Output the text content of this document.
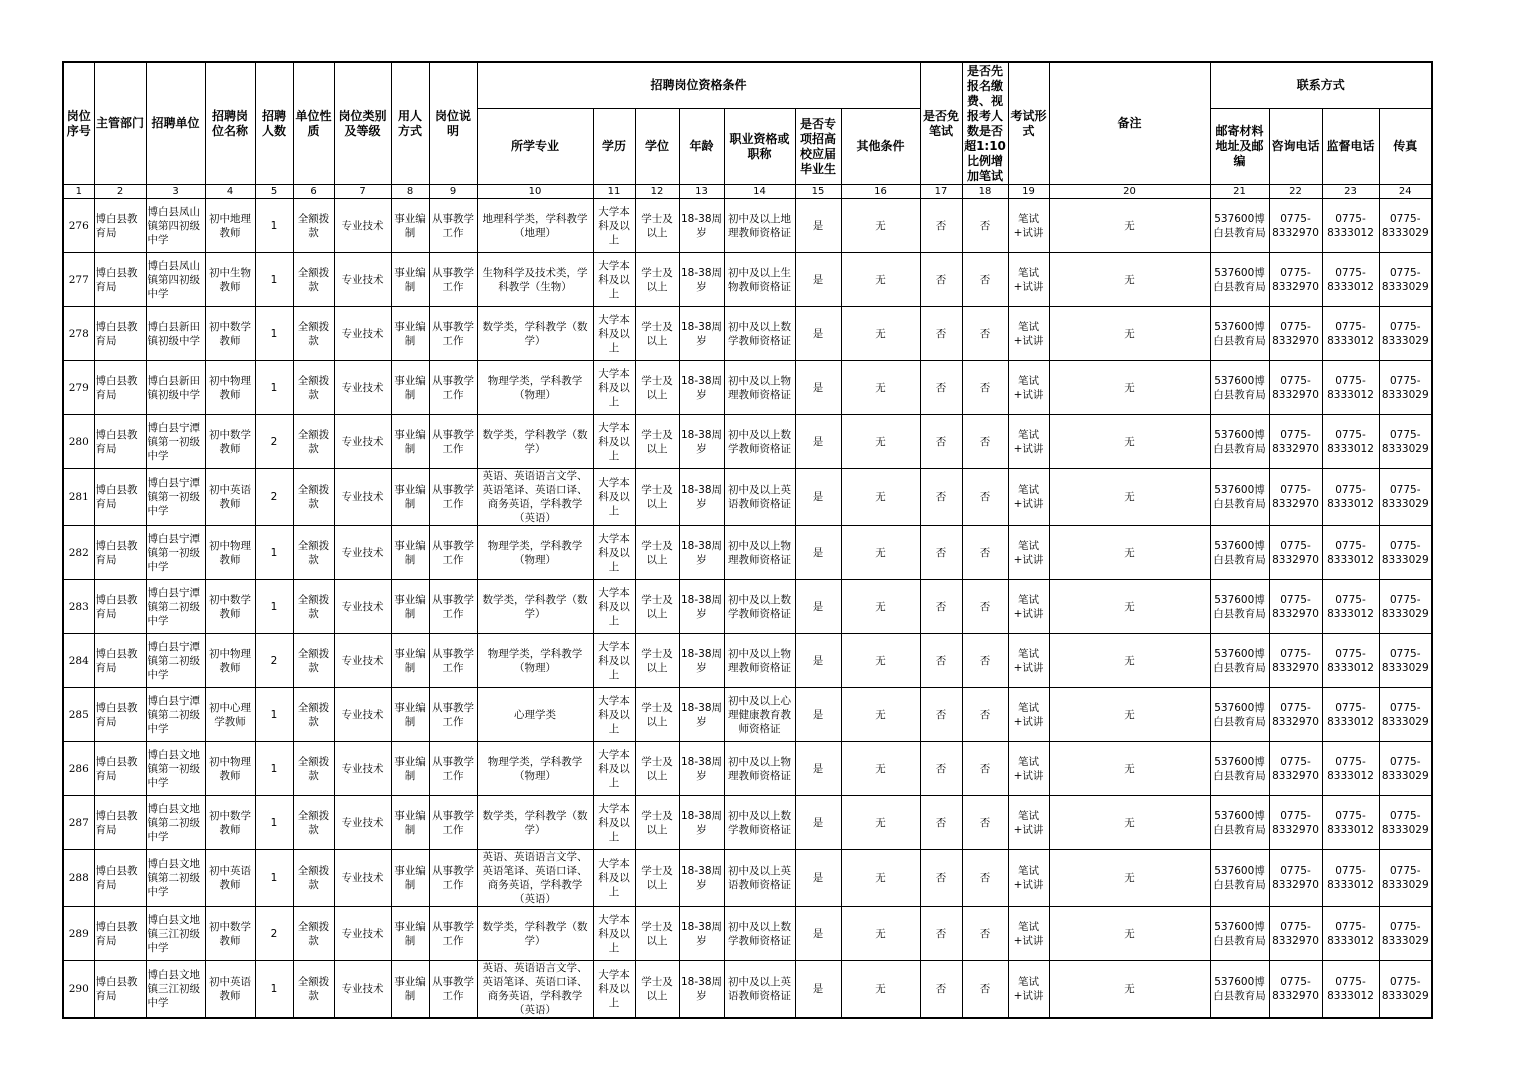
岗位序号	主管部门	招聘单位	招聘岗位名称	招聘人数	单位性质	岗位类别及等级	用人方式	岗位说明	招聘岗位资格条件							是否免笔试	是否先报名缴费、视报考人数是否超1:10比例增加笔试	考试形式	备注	联系方式			
									所学专业	学历	学位	年龄	职业资格或职称	是否专项招高校应届毕业生	其他条件					邮寄材料地址及邮编	咨询电话	监督电话	传真
1	2	3	4	5	6	7	8	9	10	11	12	13	14	15	16	17	18	19	20	21	22	23	24
276	博白县教育局	博白县凤山镇第四初级中学	初中地理教师	1	全额拨款	专业技术	事业编制	从事教学工作	地理科学类，学科教学（地理）	大学本科及以上	学士及以上	18-38周岁	初中及以上地理教师资格证	是	无	否	否	笔试+试讲	无	537600博白县教育局	0775-8332970	0775-8333012	0775-8333029
277	博白县教育局	博白县凤山镇第四初级中学	初中生物教师	1	全额拨款	专业技术	事业编制	从事教学工作	生物科学及技术类，学科教学（生物）	大学本科及以上	学士及以上	18-38周岁	初中及以上生物教师资格证	是	无	否	否	笔试+试讲	无	537600博白县教育局	0775-8332970	0775-8333012	0775-8333029
278	博白县教育局	博白县新田镇初级中学	初中数学教师	1	全额拨款	专业技术	事业编制	从事教学工作	数学类，学科教学（数学）	大学本科及以上	学士及以上	18-38周岁	初中及以上数学教师资格证	是	无	否	否	笔试+试讲	无	537600博白县教育局	0775-8332970	0775-8333012	0775-8333029
279	博白县教育局	博白县新田镇初级中学	初中物理教师	1	全额拨款	专业技术	事业编制	从事教学工作	物理学类，学科教学（物理）	大学本科及以上	学士及以上	18-38周岁	初中及以上物理教师资格证	是	无	否	否	笔试+试讲	无	537600博白县教育局	0775-8332970	0775-8333012	0775-8333029
280	博白县教育局	博白县宁潭镇第一初级中学	初中数学教师	2	全额拨款	专业技术	事业编制	从事教学工作	数学类，学科教学（数学）	大学本科及以上	学士及以上	18-38周岁	初中及以上数学教师资格证	是	无	否	否	笔试+试讲	无	537600博白县教育局	0775-8332970	0775-8333012	0775-8333029
281	博白县教育局	博白县宁潭镇第一初级中学	初中英语教师	2	全额拨款	专业技术	事业编制	从事教学工作	英语、英语语言文学、英语笔译、英语口译、商务英语，学科教学（英语）	大学本科及以上	学士及以上	18-38周岁	初中及以上英语教师资格证	是	无	否	否	笔试+试讲	无	537600博白县教育局	0775-8332970	0775-8333012	0775-8333029
282	博白县教育局	博白县宁潭镇第一初级中学	初中物理教师	1	全额拨款	专业技术	事业编制	从事教学工作	物理学类，学科教学（物理）	大学本科及以上	学士及以上	18-38周岁	初中及以上物理教师资格证	是	无	否	否	笔试+试讲	无	537600博白县教育局	0775-8332970	0775-8333012	0775-8333029
283	博白县教育局	博白县宁潭镇第二初级中学	初中数学教师	1	全额拨款	专业技术	事业编制	从事教学工作	数学类，学科教学（数学）	大学本科及以上	学士及以上	18-38周岁	初中及以上数学教师资格证	是	无	否	否	笔试+试讲	无	537600博白县教育局	0775-8332970	0775-8333012	0775-8333029
284	博白县教育局	博白县宁潭镇第二初级中学	初中物理教师	2	全额拨款	专业技术	事业编制	从事教学工作	物理学类，学科教学（物理）	大学本科及以上	学士及以上	18-38周岁	初中及以上物理教师资格证	是	无	否	否	笔试+试讲	无	537600博白县教育局	0775-8332970	0775-8333012	0775-8333029
285	博白县教育局	博白县宁潭镇第二初级中学	初中心理学教师	1	全额拨款	专业技术	事业编制	从事教学工作	心理学类	大学本科及以上	学士及以上	18-38周岁	初中及以上心理健康教育教师资格证	是	无	否	否	笔试+试讲	无	537600博白县教育局	0775-8332970	0775-8333012	0775-8333029
286	博白县教育局	博白县文地镇第一初级中学	初中物理教师	1	全额拨款	专业技术	事业编制	从事教学工作	物理学类，学科教学（物理）	大学本科及以上	学士及以上	18-38周岁	初中及以上物理教师资格证	是	无	否	否	笔试+试讲	无	537600博白县教育局	0775-8332970	0775-8333012	0775-8333029
287	博白县教育局	博白县文地镇第二初级中学	初中数学教师	1	全额拨款	专业技术	事业编制	从事教学工作	数学类，学科教学（数学）	大学本科及以上	学士及以上	18-38周岁	初中及以上数学教师资格证	是	无	否	否	笔试+试讲	无	537600博白县教育局	0775-8332970	0775-8333012	0775-8333029
288	博白县教育局	博白县文地镇第二初级中学	初中英语教师	1	全额拨款	专业技术	事业编制	从事教学工作	英语、英语语言文学、英语笔译、英语口译、商务英语，学科教学（英语）	大学本科及以上	学士及以上	18-38周岁	初中及以上英语教师资格证	是	无	否	否	笔试+试讲	无	537600博白县教育局	0775-8332970	0775-8333012	0775-8333029
289	博白县教育局	博白县文地镇三江初级中学	初中数学教师	2	全额拨款	专业技术	事业编制	从事教学工作	数学类，学科教学（数学）	大学本科及以上	学士及以上	18-38周岁	初中及以上数学教师资格证	是	无	否	否	笔试+试讲	无	537600博白县教育局	0775-8332970	0775-8333012	0775-8333029
290	博白县教育局	博白县文地镇三江初级中学	初中英语教师	1	全额拨款	专业技术	事业编制	从事教学工作	英语、英语语言文学、英语笔译、英语口译、商务英语，学科教学（英语）	大学本科及以上	学士及以上	18-38周岁	初中及以上英语教师资格证	是	无	否	否	笔试+试讲	无	537600博白县教育局	0775-8332970	0775-8333012	0775-8333029
